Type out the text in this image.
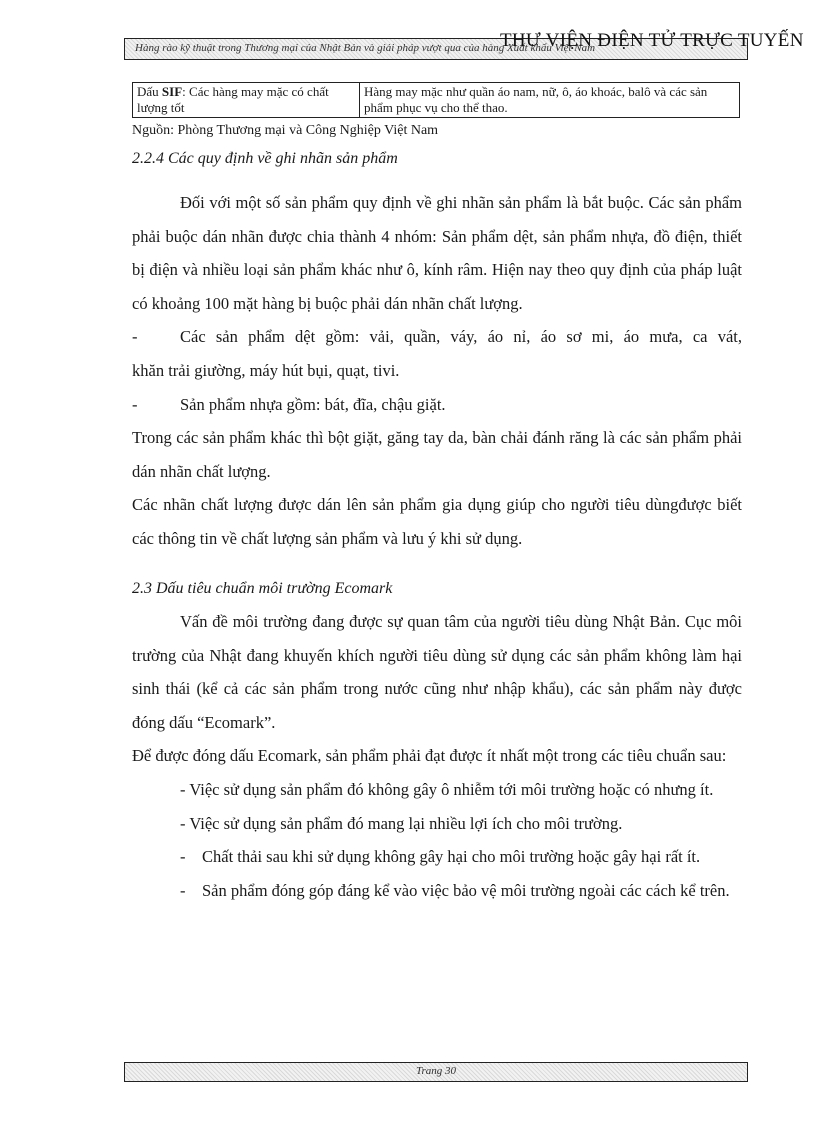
Hàng rào kỹ thuật trong Thương mại của Nhật Bản và giải pháp vượt qua của hàng Xuất khẩu Việt Nam
THƯ VIỆN ĐIỆN TỬ TRỰC TUYẾN
Dấu SIF: Các hàng may mặc có chất lượng tốt	Hàng may mặc như quần áo nam, nữ, ô, áo khoác, balô và các sản phẩm phục vụ cho thể thao.
Nguồn: Phòng Thương mại và Công Nghiệp Việt Nam
2.2.4 Các quy định về ghi nhãn sản phẩm

Đối với một số sản phẩm quy định về ghi nhãn sản phẩm là bắt buộc. Các sản phẩm phải buộc dán nhãn được chia thành 4 nhóm: Sản phẩm dệt, sản phẩm nhựa, đồ điện, thiết bị điện và nhiều loại sản phẩm khác như ô, kính râm. Hiện nay theo quy định của pháp luật có khoảng 100 mặt hàng bị buộc phải dán nhãn chất lượng.

-	Các sản phẩm dệt gồm: vải, quần, váy, áo nỉ, áo sơ mi, áo mưa, ca vát,

khăn trải giường, máy hút bụi, quạt, tivi.

-	Sản phẩm nhựa gồm: bát, đĩa, chậu giặt.

Trong các sản phẩm khác thì bột giặt, găng tay da, bàn chải đánh răng là các sản phẩm phải dán nhãn chất lượng.

Các nhãn chất lượng được dán lên sản phẩm gia dụng giúp cho người tiêu dùngđược biết các thông tin về chất lượng sản phẩm và lưu ý khi sử dụng.

2.3 Dấu tiêu chuẩn môi trường Ecomark

Vấn đề môi trường đang được sự quan tâm của người tiêu dùng Nhật Bản. Cục môi trường của Nhật đang khuyến khích người tiêu dùng sử dụng các sản phẩm không làm hại sinh thái (kể cả các sản phẩm trong nước cũng như nhập khẩu), các sản phẩm này được đóng dấu “Ecomark”.

Để được đóng dấu Ecomark, sản phẩm phải đạt được ít nhất một trong các tiêu chuẩn sau:

- Việc sử dụng sản phẩm đó không gây ô nhiễm tới môi trường hoặc có nhưng ít.

- Việc sử dụng sản phẩm đó mang lại nhiều lợi ích cho môi trường.

-	Chất thải sau khi sử dụng không gây hại cho môi trường hoặc gây hại rất ít.
-	Sản phẩm đóng góp đáng kể vào việc bảo vệ môi trường ngoài các cách kể trên.
Trang 30
